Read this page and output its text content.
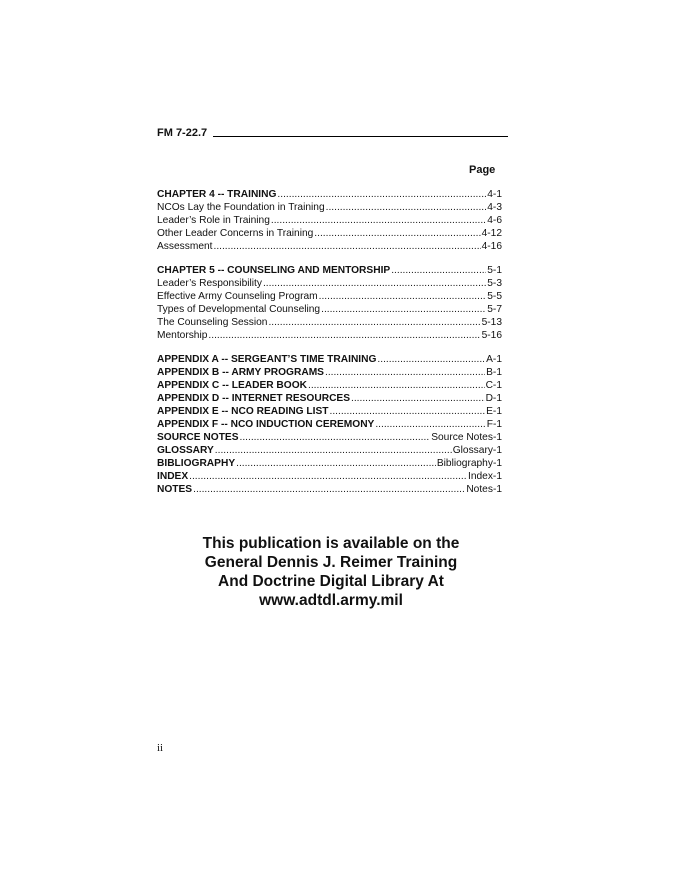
FM 7-22.7
Page
CHAPTER 4 -- TRAINING .....	4-1
NCOs Lay the Foundation in Training .....	4-3
Leader’s Role in Training .....	4-6
Other Leader Concerns in Training .....	4-12
Assessment .....	4-16
CHAPTER 5 -- COUNSELING AND MENTORSHIP .....	5-1
Leader’s Responsibility .....	5-3
Effective Army Counseling Program .....	5-5
Types of Developmental Counseling .....	5-7
The Counseling Session .....	5-13
Mentorship .....	5-16
APPENDIX A -- SERGEANT’S TIME TRAINING .....	A-1
APPENDIX B -- ARMY PROGRAMS .....	B-1
APPENDIX C -- LEADER BOOK .....	C-1
APPENDIX D -- INTERNET RESOURCES .....	D-1
APPENDIX E -- NCO READING LIST .....	E-1
APPENDIX F -- NCO INDUCTION CEREMONY .....	F-1
SOURCE NOTES .....	Source Notes-1
GLOSSARY .....	Glossary-1
BIBLIOGRAPHY .....	Bibliography-1
INDEX .....	Index-1
NOTES .....	Notes-1
This publication is available on the
General Dennis J. Reimer Training
And Doctrine Digital Library At
www.adtdl.army.mil
ii
